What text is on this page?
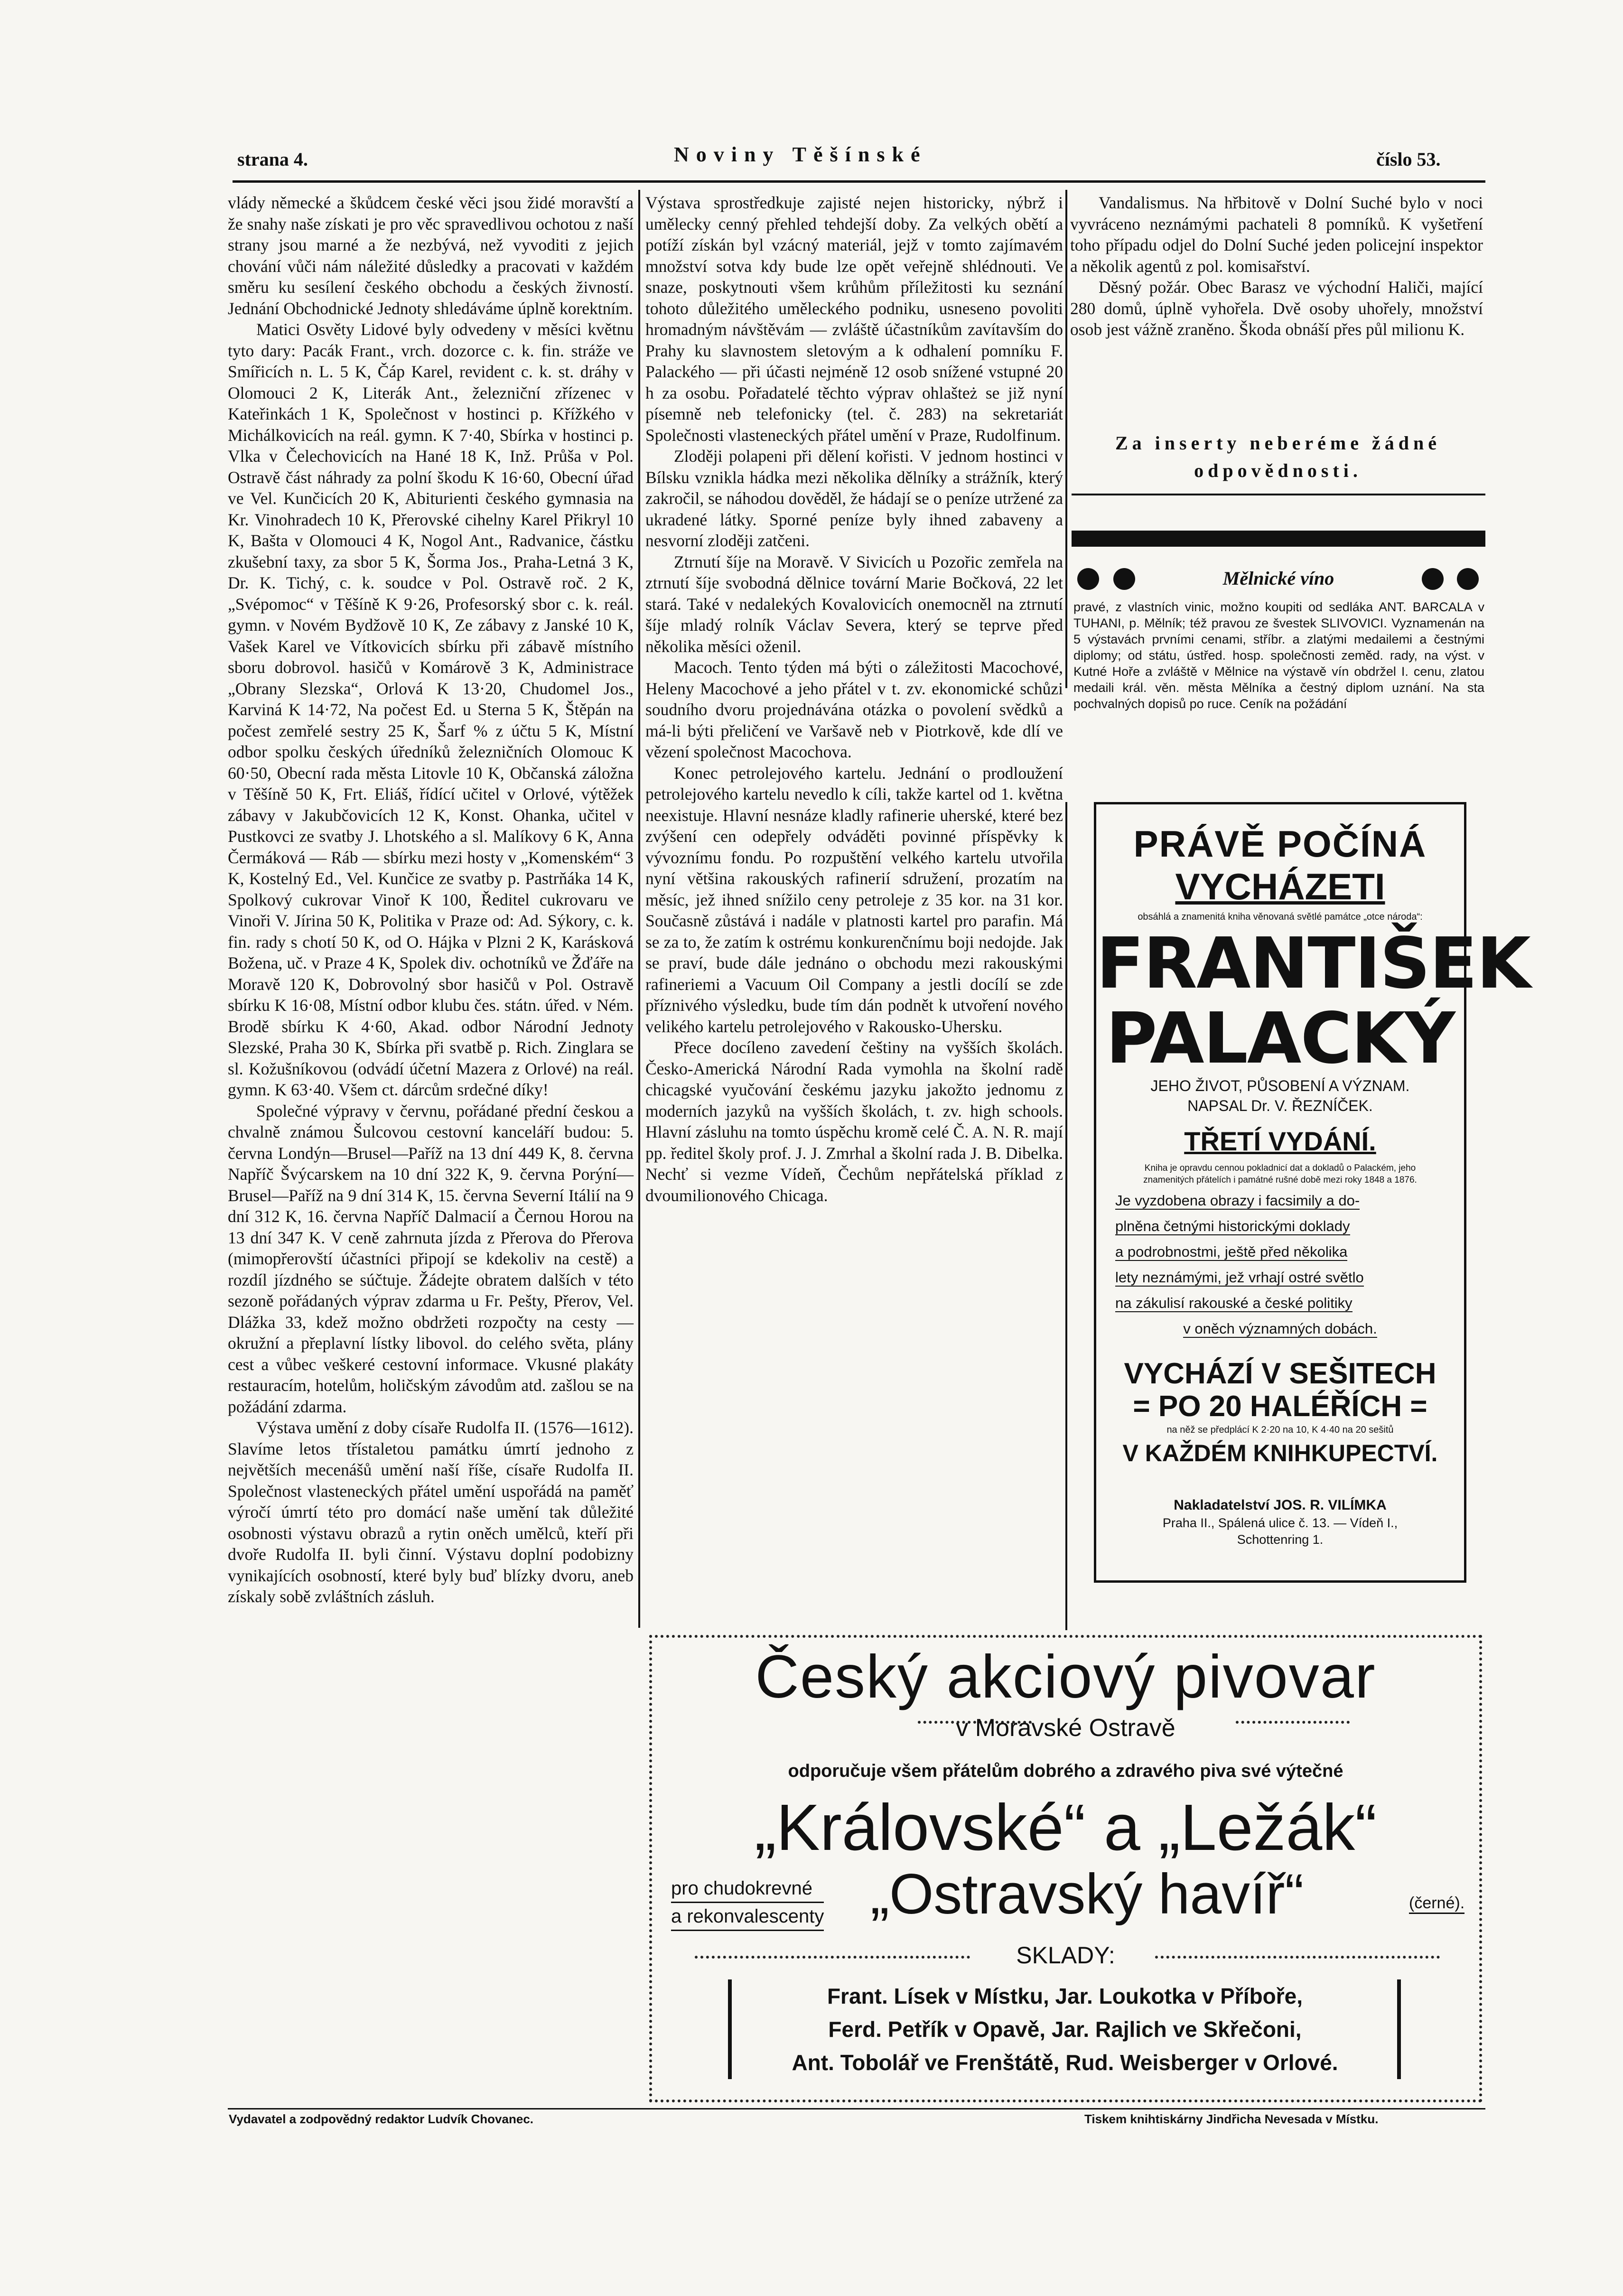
strana 4.	Noviny Těšínské	číslo 53.

vlády německé a škůdcem české věci jsou židé moravští a že snahy naše získati je pro věc spravedlivou ochotou z naší strany jsou marné a že nezbývá, než vyvoditi z jejich chování vůči nám náležité důsledky a pracovati v každém směru ku sesílení českého obchodu a českých živností. Jednání Obchodnické Jednoty shledáváme úplně korektním.

Matici Osvěty Lidové byly odvedeny v měsíci květnu tyto dary: Pacák Frant., vrch. dozorce c. k. fin. stráže ve Smířicích n. L. 5 K, Čáp Karel, revident c. k. st. dráhy v Olomouci 2 K, Literák Ant., železniční zřízenec v Kateřinkách 1 K, Společnost v hostinci p. Křížkého v Michálkovicích na reál. gymn. K 7·40, Sbírka v hostinci p. Vlka v Čelechovicích na Hané 18 K, Inž. Průša v Pol. Ostravě část náhrady za polní škodu K 16·60, Obecní úřad ve Vel. Kunčicích 20 K, Abiturienti českého gymnasia na Kr. Vinohradech 10 K, Přerovské cihelny Karel Přikryl 10 K, Bašta v Olomouci 4 K, Nogol Ant., Radvanice, částku zkušební taxy, za sbor 5 K, Šorma Jos., Praha-Letná 3 K, Dr. K. Tichý, c. k. soudce v Pol. Ostravě roč. 2 K, „Svépomoc“ v Těšíně K 9·26, Profesorský sbor c. k. reál. gymn. v Novém Bydžově 10 K, Ze zábavy z Janské 10 K, Vašek Karel ve Vítkovicích sbírku při zábavě místního sboru dobrovol. hasičů v Komárově 3 K, Administrace „Obrany Slezska“, Orlová K 13·20, Chudomel Jos., Karviná K 14·72, Na počest Ed. u Sterna 5 K, Štěpán na počest zemřelé sestry 25 K, Šarf % z účtu 5 K, Místní odbor spolku českých úředníků železničních Olomouc K 60·50, Obecní rada města Litovle 10 K, Občanská záložna v Těšíně 50 K, Frt. Eliáš, řídící učitel v Orlové, výtěžek zábavy v Jakubčovicích 12 K, Konst. Ohanka, učitel v Pustkovci ze svatby J. Lhotského a sl. Malíkovy 6 K, Anna Čermáková — Ráb — sbírku mezi hosty v „Komenském“ 3 K, Kostelný Ed., Vel. Kunčice ze svatby p. Pastrňáka 14 K, Spolkový cukrovar Vinoř K 100, Ředitel cukrovaru ve Vinoři V. Jírina 50 K, Politika v Praze od: Ad. Sýkory, c. k. fin. rady s chotí 50 K, od O. Hájka v Plzni 2 K, Karásková Božena, uč. v Praze 4 K, Spolek div. ochotníků ve Žďáře na Moravě 120 K, Dobrovolný sbor hasičů v Pol. Ostravě sbírku K 16·08, Místní odbor klubu čes. státn. úřed. v Ném. Brodě sbírku K 4·60, Akad. odbor Národní Jednoty Slezské, Praha 30 K, Sbírka při svatbě p. Rich. Zinglara se sl. Kožušníkovou (odvádí účetní Mazera z Orlové) na reál. gymn. K 63·40. Všem ct. dárcům srdečné díky!

Společné výpravy v červnu, pořádané přední českou a chvalně známou Šulcovou cestovní kanceláří budou: 5. června Londýn—Brusel—Paříž na 13 dní 449 K, 8. června Napříč Švýcarskem na 10 dní 322 K, 9. června Porýní—Brusel—Paříž na 9 dní 314 K, 15. června Severní Itálií na 9 dní 312 K, 16. června Napříč Dalmacií a Černou Horou na 13 dní 347 K. V ceně zahrnuta jízda z Přerova do Přerova (mimopřerovští účastníci připojí se kdekoliv na cestě) a rozdíl jízdného se súčtuje. Žádejte obratem dalších v této sezoně pořádaných výprav zdarma u Fr. Pešty, Přerov, Vel. Dlážka 33, kdež možno obdržeti rozpočty na cesty — okružní a přeplavní lístky libovol. do celého světa, plány cest a vůbec veškeré cestovní informace. Vkusné plakáty restauracím, hotelům, holičským závodům atd. zašlou se na požádání zdarma.

Výstava umění z doby císaře Rudolfa II. (1576—1612). Slavíme letos třístaletou památku úmrtí jednoho z největších mecenášů umění naší říše, císaře Rudolfa II. Společnost vlasteneckých přátel umění uspořádá na paměť výročí úmrtí této pro domácí naše umění tak důležité osobnosti výstavu obrazů a rytin oněch umělců, kteří při dvoře Rudolfa II. byli činní. Výstavu doplní podobizny vynikajících osobností, které byly buď blízky dvoru, aneb získaly sobě zvláštních zásluh.

Výstava sprostředkuje zajisté nejen historicky, nýbrž i umělecky cenný přehled tehdejší doby. Za velkých obětí a potíží získán byl vzácný materiál, jejž v tomto zajímavém množství sotva kdy bude lze opět veřejně shlédnouti. Ve snaze, poskytnouti všem krůhům příležitosti ku seznání tohoto důležitého uměleckého podniku, usneseno povoliti hromadným návštěvám — zvláště účastníkům zavítavším do Prahy ku slavnostem sletovým a k odhalení pomníku F. Palackého — při účasti nejméně 12 osob snížené vstupné 20 h za osobu. Pořadatelé těchto výprav ohlašteż se již nyní písemně neb telefonicky (tel. č. 283) na sekretariát Společnosti vlasteneckých přátel umění v Praze, Rudolfinum.

Zloději polapeni při dělení kořisti. V jednom hostinci v Bílsku vznikla hádka mezi několika dělníky a strážník, který zakročil, se náhodou dověděl, že hádají se o peníze utržené za ukradené látky. Sporné peníze byly ihned zabaveny a nesvorní zloději zatčeni.

Ztrnutí šíje na Moravě. V Sivicích u Pozořic zemřela na ztrnutí šíje svobodná dělnice tovární Marie Bočková, 22 let stará. Také v nedalekých Kovalovicích onemocněl na ztrnutí šíje mladý rolník Václav Severa, který se teprve před několika měsíci oženil.

Macoch. Tento týden má býti o záležitosti Macochové, Heleny Macochové a jeho přátel v t. zv. ekonomické schůzi soudního dvoru projednávána otázka o povolení svědků a má-li býti přeličení ve Varšavě neb v Piotrkově, kde dlí ve vězení společnost Macochova.

Konec petrolejového kartelu. Jednání o prodloužení petrolejového kartelu nevedlo k cíli, takže kartel od 1. května neexistuje. Hlavní nesnáze kladly rafinerie uherské, které bez zvýšení cen odepřely odváděti povinné příspěvky k vývoznímu fondu. Po rozpuštění velkého kartelu utvořila nyní většina rakouských rafinerií sdružení, prozatím na měsíc, jež ihned snížilo ceny petroleje z 35 kor. na 31 kor. Současně zůstává i nadále v platnosti kartel pro parafin. Má se za to, že zatím k ostrému konkurenčnímu boji nedojde. Jak se praví, bude dále jednáno o obchodu mezi rakouskými rafineriemi a Vacuum Oil Company a jestli docílí se zde příznivého výsledku, bude tím dán podnět k utvoření nového velikého kartelu petrolejového v Rakousko-Uhersku.

Přece docíleno zavedení češtiny na vyšších školách. Česko-Americká Národní Rada vymohla na školní radě chicagské vyučování českému jazyku jakožto jednomu z moderních jazyků na vyšších školách, t. zv. high schools. Hlavní zásluhu na tomto úspěchu kromě celé Č. A. N. R. mají pp. ředitel školy prof. J. J. Zmrhal a školní rada J. B. Dibelka. Nechť si vezme Vídeň, Čechům nepřátelská příklad z dvoumilionového Chicaga.

Vandalismus. Na hřbitově v Dolní Suché bylo v noci vyvráceno neznámými pachateli 8 pomníků. K vyšetření toho případu odjel do Dolní Suché jeden policejní inspektor a několik agentů z pol. komisařství.

Děsný požár. Obec Barasz ve východní Haliči, mající 280 domů, úplně vyhořela. Dvě osoby uhořely, množství osob jest vážně zraněno. Škoda obnáší přes půl milionu K.

Za inserty neberéme žádné odpovědnosti.
Mělnické víno
pravé, z vlastních vinic, možno koupiti od sedláka ANT. BARCALA v TUHANI, p. Mělník; též pravou ze švestek SLIVOVICI. Vyznamenán na 5 výstavách prvními cenami, stříbr. a zlatými medailemi a čestnými diplomy; od státu, ústřed. hosp. společnosti zeměd. rady, na výst. v Kutné Hoře a zvláště v Mělnice na výstavě vín obdržel I. cenu, zlatou medaili král. věn. města Mělníka a čestný diplom uznání. Na sta pochvalných dopisů po ruce. Ceník na požádání
PRÁVĚ POČÍNÁ
VYCHÁZETI
obsáhlá a znamenitá kniha věnovaná světlé památce „otce národa“:
FRANTIŠEK
PALACKÝ
JEHO ŽIVOT, PŮSOBENÍ A VÝZNAM.
NAPSAL Dr. V. ŘEZNÍČEK.
TŘETÍ VYDÁNÍ.
Kniha je opravdu cennou pokladnicí dat a dokladů o Palackém, jeho znamenitých přátelích i památné rušné době mezi roky 1848 a 1876.
Je vyzdobena obrazy i facsimily a do-
plněna četnými historickými doklady
a podrobnostmi, ještě před několika
lety neznámými, jež vrhají ostré světlo
na zákulisí rakouské a české politiky
v oněch významných dobách.
VYCHÁZÍ V SEŠITECH
= PO 20 HALÉŘÍCH =
na něž se předplácí K 2·20 na 10, K 4·40 na 20 sešitů
V KAŽDÉM KNIHKUPECTVÍ.
Nakladatelství JOS. R. VILÍMKA
Praha II., Spálená ulice č. 13. — Vídeň I.,
Schottenring 1.
Český akciový pivovar
v Moravské Ostravě
odporučuje všem přátelům dobrého a zdravého piva své výtečné
„Královské“ a „Ležák“
pro chudokrevné
a rekonvalescenty „Ostravský havíř“	(černé).
SKLADY:
Frant. Lísek v Místku, Jar. Loukotka v Příboře,
Ferd. Petřík v Opavě, Jar. Rajlich ve Skřečoni,
Ant. Tobolář ve Frenštátě, Rud. Weisberger v Orlové.
Vydavatel a zodpovědný redaktor Ludvík Chovanec.	Tiskem knihtiskárny Jindřicha Nevesada v Místku.
